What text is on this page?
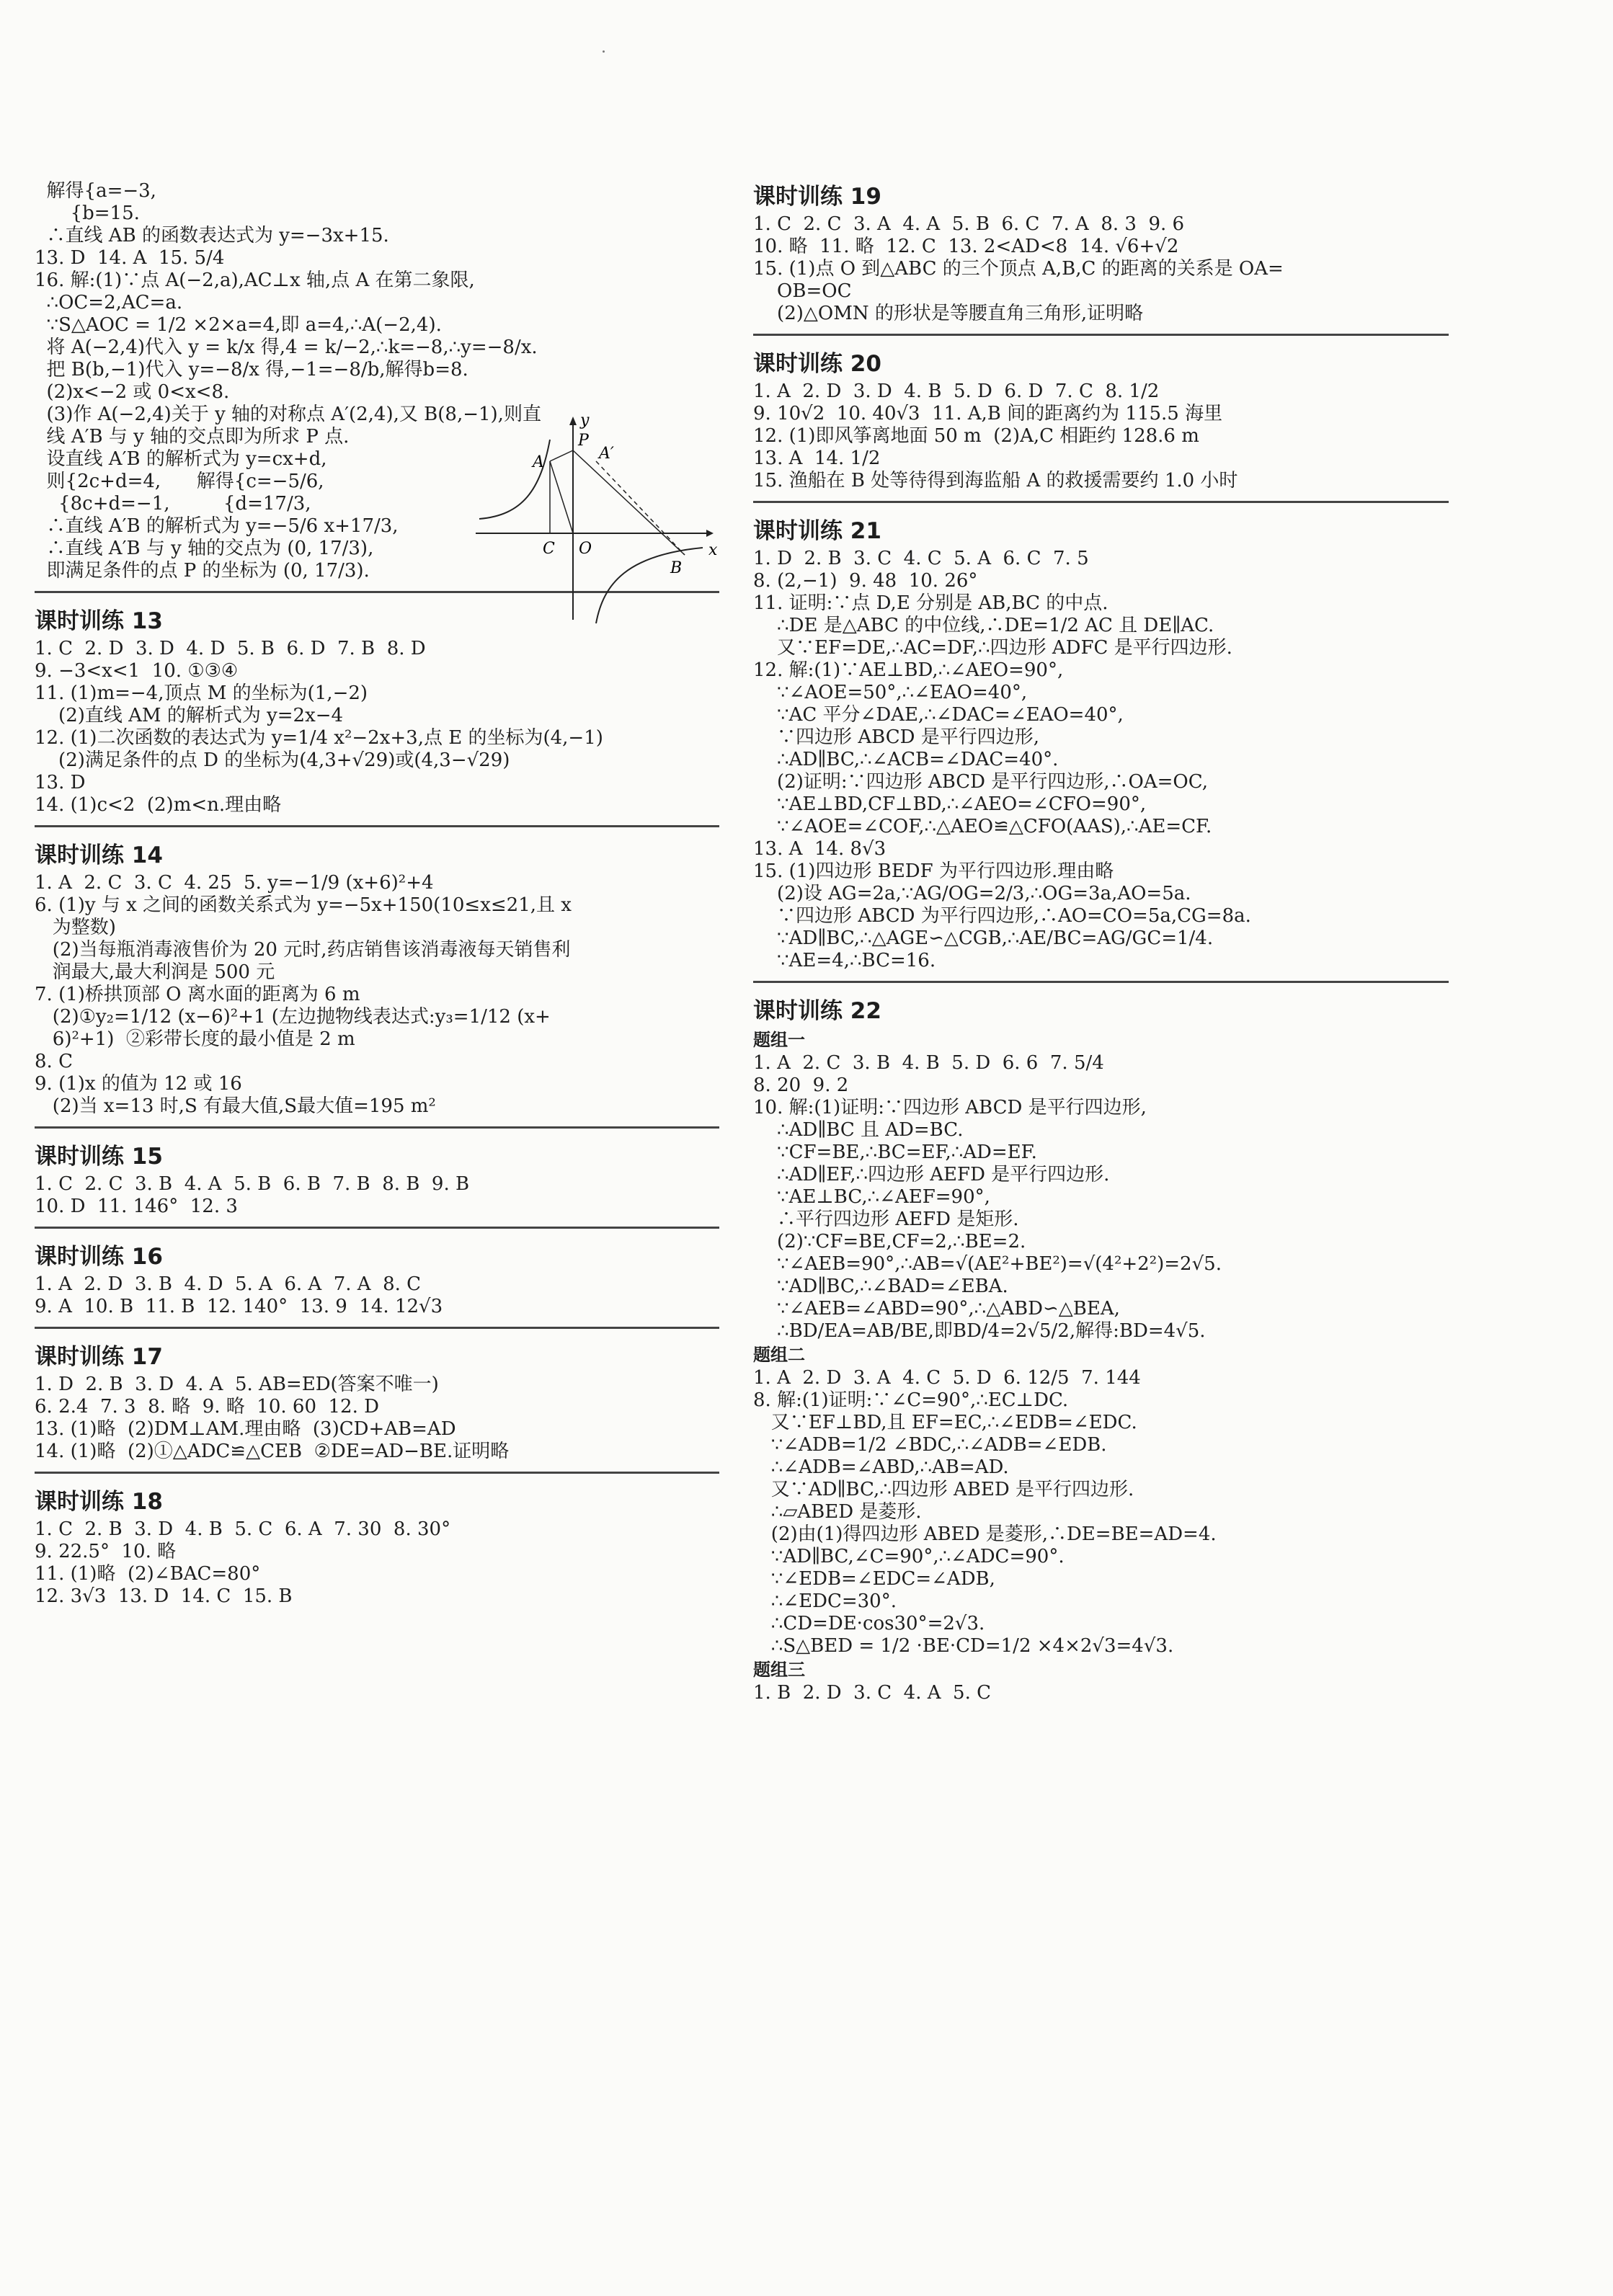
解得{a=−3,
{b=15.
∴直线 AB 的函数表达式为 y=−3x+15.
13. D  14. A  15. 5/4
16. 解:(1)∵点 A(−2,a),AC⊥x 轴,点 A 在第二象限,
∴OC=2,AC=a.
∵S△AOC = 1/2 ×2×a=4,即 a=4,∴A(−2,4).
将 A(−2,4)代入 y = k/x 得,4 = k/−2,∴k=−8,∴y=−8/x.
把 B(b,−1)代入 y=−8/x 得,−1=−8/b,解得b=8.
(2)x<−2 或 0<x<8.
(3)作 A(−2,4)关于 y 轴的对称点 A′(2,4),又 B(8,−1),则直
线 A′B 与 y 轴的交点即为所求 P 点.
设直线 A′B 的解析式为 y=cx+d,
则{2c+d=4,      解得{c=−5/6,
{8c+d=−1,         {d=17/3,
∴直线 A′B 的解析式为 y=−5/6 x+17/3,
∴直线 A′B 与 y 轴的交点为 (0, 17/3),
即满足条件的点 P 的坐标为 (0, 17/3).
课时训练 13
1. C  2. D  3. D  4. D  5. B  6. D  7. B  8. D
9. −3<x<1  10. ①③④
11. (1)m=−4,顶点 M 的坐标为(1,−2)
(2)直线 AM 的解析式为 y=2x−4
12. (1)二次函数的表达式为 y=1/4 x²−2x+3,点 E 的坐标为(4,−1)
(2)满足条件的点 D 的坐标为(4,3+√29)或(4,3−√29)
13. D
14. (1)c<2  (2)m<n.理由略
课时训练 14
1. A  2. C  3. C  4. 25  5. y=−1/9 (x+6)²+4
6. (1)y 与 x 之间的函数关系式为 y=−5x+150(10≤x≤21,且 x
为整数)
(2)当每瓶消毒液售价为 20 元时,药店销售该消毒液每天销售利
润最大,最大利润是 500 元
7. (1)桥拱顶部 O 离水面的距离为 6 m
(2)①y₂=1/12 (x−6)²+1 (左边抛物线表达式:y₃=1/12 (x+
6)²+1)  ②彩带长度的最小值是 2 m
8. C
9. (1)x 的值为 12 或 16
(2)当 x=13 时,S 有最大值,S最大值=195 m²
课时训练 15
1. C  2. C  3. B  4. A  5. B  6. B  7. B  8. B  9. B
10. D  11. 146°  12. 3
课时训练 16
1. A  2. D  3. B  4. D  5. A  6. A  7. A  8. C
9. A  10. B  11. B  12. 140°  13. 9  14. 12√3
课时训练 17
1. D  2. B  3. D  4. A  5. AB=ED(答案不唯一)
6. 2.4  7. 3  8. 略  9. 略  10. 60  12. D
13. (1)略  (2)DM⊥AM.理由略  (3)CD+AB=AD
14. (1)略  (2)①△ADC≌△CEB  ②DE=AD−BE.证明略
课时训练 18
1. C  2. B  3. D  4. B  5. C  6. A  7. 30  8. 30°
9. 22.5°  10. 略
11. (1)略  (2)∠BAC=80°
12. 3√3  13. D  14. C  15. B
y
x
P
A	A′
C O
B
课时训练 19
1. C  2. C  3. A  4. A  5. B  6. C  7. A  8. 3  9. 6
10. 略  11. 略  12. C  13. 2<AD<8  14. √6+√2
15. (1)点 O 到△ABC 的三个顶点 A,B,C 的距离的关系是 OA=
OB=OC
(2)△OMN 的形状是等腰直角三角形,证明略
课时训练 20
1. A  2. D  3. D  4. B  5. D  6. D  7. C  8. 1/2
9. 10√2  10. 40√3  11. A,B 间的距离约为 115.5 海里
12. (1)即风筝离地面 50 m  (2)A,C 相距约 128.6 m
13. A  14. 1/2
15. 渔船在 B 处等待得到海监船 A 的救援需要约 1.0 小时
课时训练 21
1. D  2. B  3. C  4. C  5. A  6. C  7. 5
8. (2,−1)  9. 48  10. 26°
11. 证明:∵点 D,E 分别是 AB,BC 的中点.
∴DE 是△ABC 的中位线,∴DE=1/2 AC 且 DE∥AC.
又∵EF=DE,∴AC=DF,∴四边形 ADFC 是平行四边形.
12. 解:(1)∵AE⊥BD,∴∠AEO=90°,
∵∠AOE=50°,∴∠EAO=40°,
∵AC 平分∠DAE,∴∠DAC=∠EAO=40°,
∵四边形 ABCD 是平行四边形,
∴AD∥BC,∴∠ACB=∠DAC=40°.
(2)证明:∵四边形 ABCD 是平行四边形,∴OA=OC,
∵AE⊥BD,CF⊥BD,∴∠AEO=∠CFO=90°,
∵∠AOE=∠COF,∴△AEO≌△CFO(AAS),∴AE=CF.
13. A  14. 8√3
15. (1)四边形 BEDF 为平行四边形.理由略
(2)设 AG=2a,∵AG/OG=2/3,∴OG=3a,AO=5a.
∵四边形 ABCD 为平行四边形,∴AO=CO=5a,CG=8a.
∵AD∥BC,∴△AGE∽△CGB,∴AE/BC=AG/GC=1/4.
∵AE=4,∴BC=16.
课时训练 22
题组一
1. A  2. C  3. B  4. B  5. D  6. 6  7. 5/4
8. 20  9. 2
10. 解:(1)证明:∵四边形 ABCD 是平行四边形,
∴AD∥BC 且 AD=BC.
∵CF=BE,∴BC=EF,∴AD=EF.
∴AD∥EF,∴四边形 AEFD 是平行四边形.
∵AE⊥BC,∴∠AEF=90°,
∴平行四边形 AEFD 是矩形.
(2)∵CF=BE,CF=2,∴BE=2.
∵∠AEB=90°,∴AB=√(AE²+BE²)=√(4²+2²)=2√5.
∵AD∥BC,∴∠BAD=∠EBA.
∵∠AEB=∠ABD=90°,∴△ABD∽△BEA,
∴BD/EA=AB/BE,即BD/4=2√5/2,解得:BD=4√5.
题组二
1. A  2. D  3. A  4. C  5. D  6. 12/5  7. 144
8. 解:(1)证明:∵∠C=90°,∴EC⊥DC.
又∵EF⊥BD,且 EF=EC,∴∠EDB=∠EDC.
∵∠ADB=1/2 ∠BDC,∴∠ADB=∠EDB.
∴∠ADB=∠ABD,∴AB=AD.
又∵AD∥BC,∴四边形 ABED 是平行四边形.
∴▱ABED 是菱形.
(2)由(1)得四边形 ABED 是菱形,∴DE=BE=AD=4.
∵AD∥BC,∠C=90°,∴∠ADC=90°.
∵∠EDB=∠EDC=∠ADB,
∴∠EDC=30°.
∴CD=DE·cos30°=2√3.
∴S△BED = 1/2 ·BE·CD=1/2 ×4×2√3=4√3.
题组三
1. B  2. D  3. C  4. A  5. C
